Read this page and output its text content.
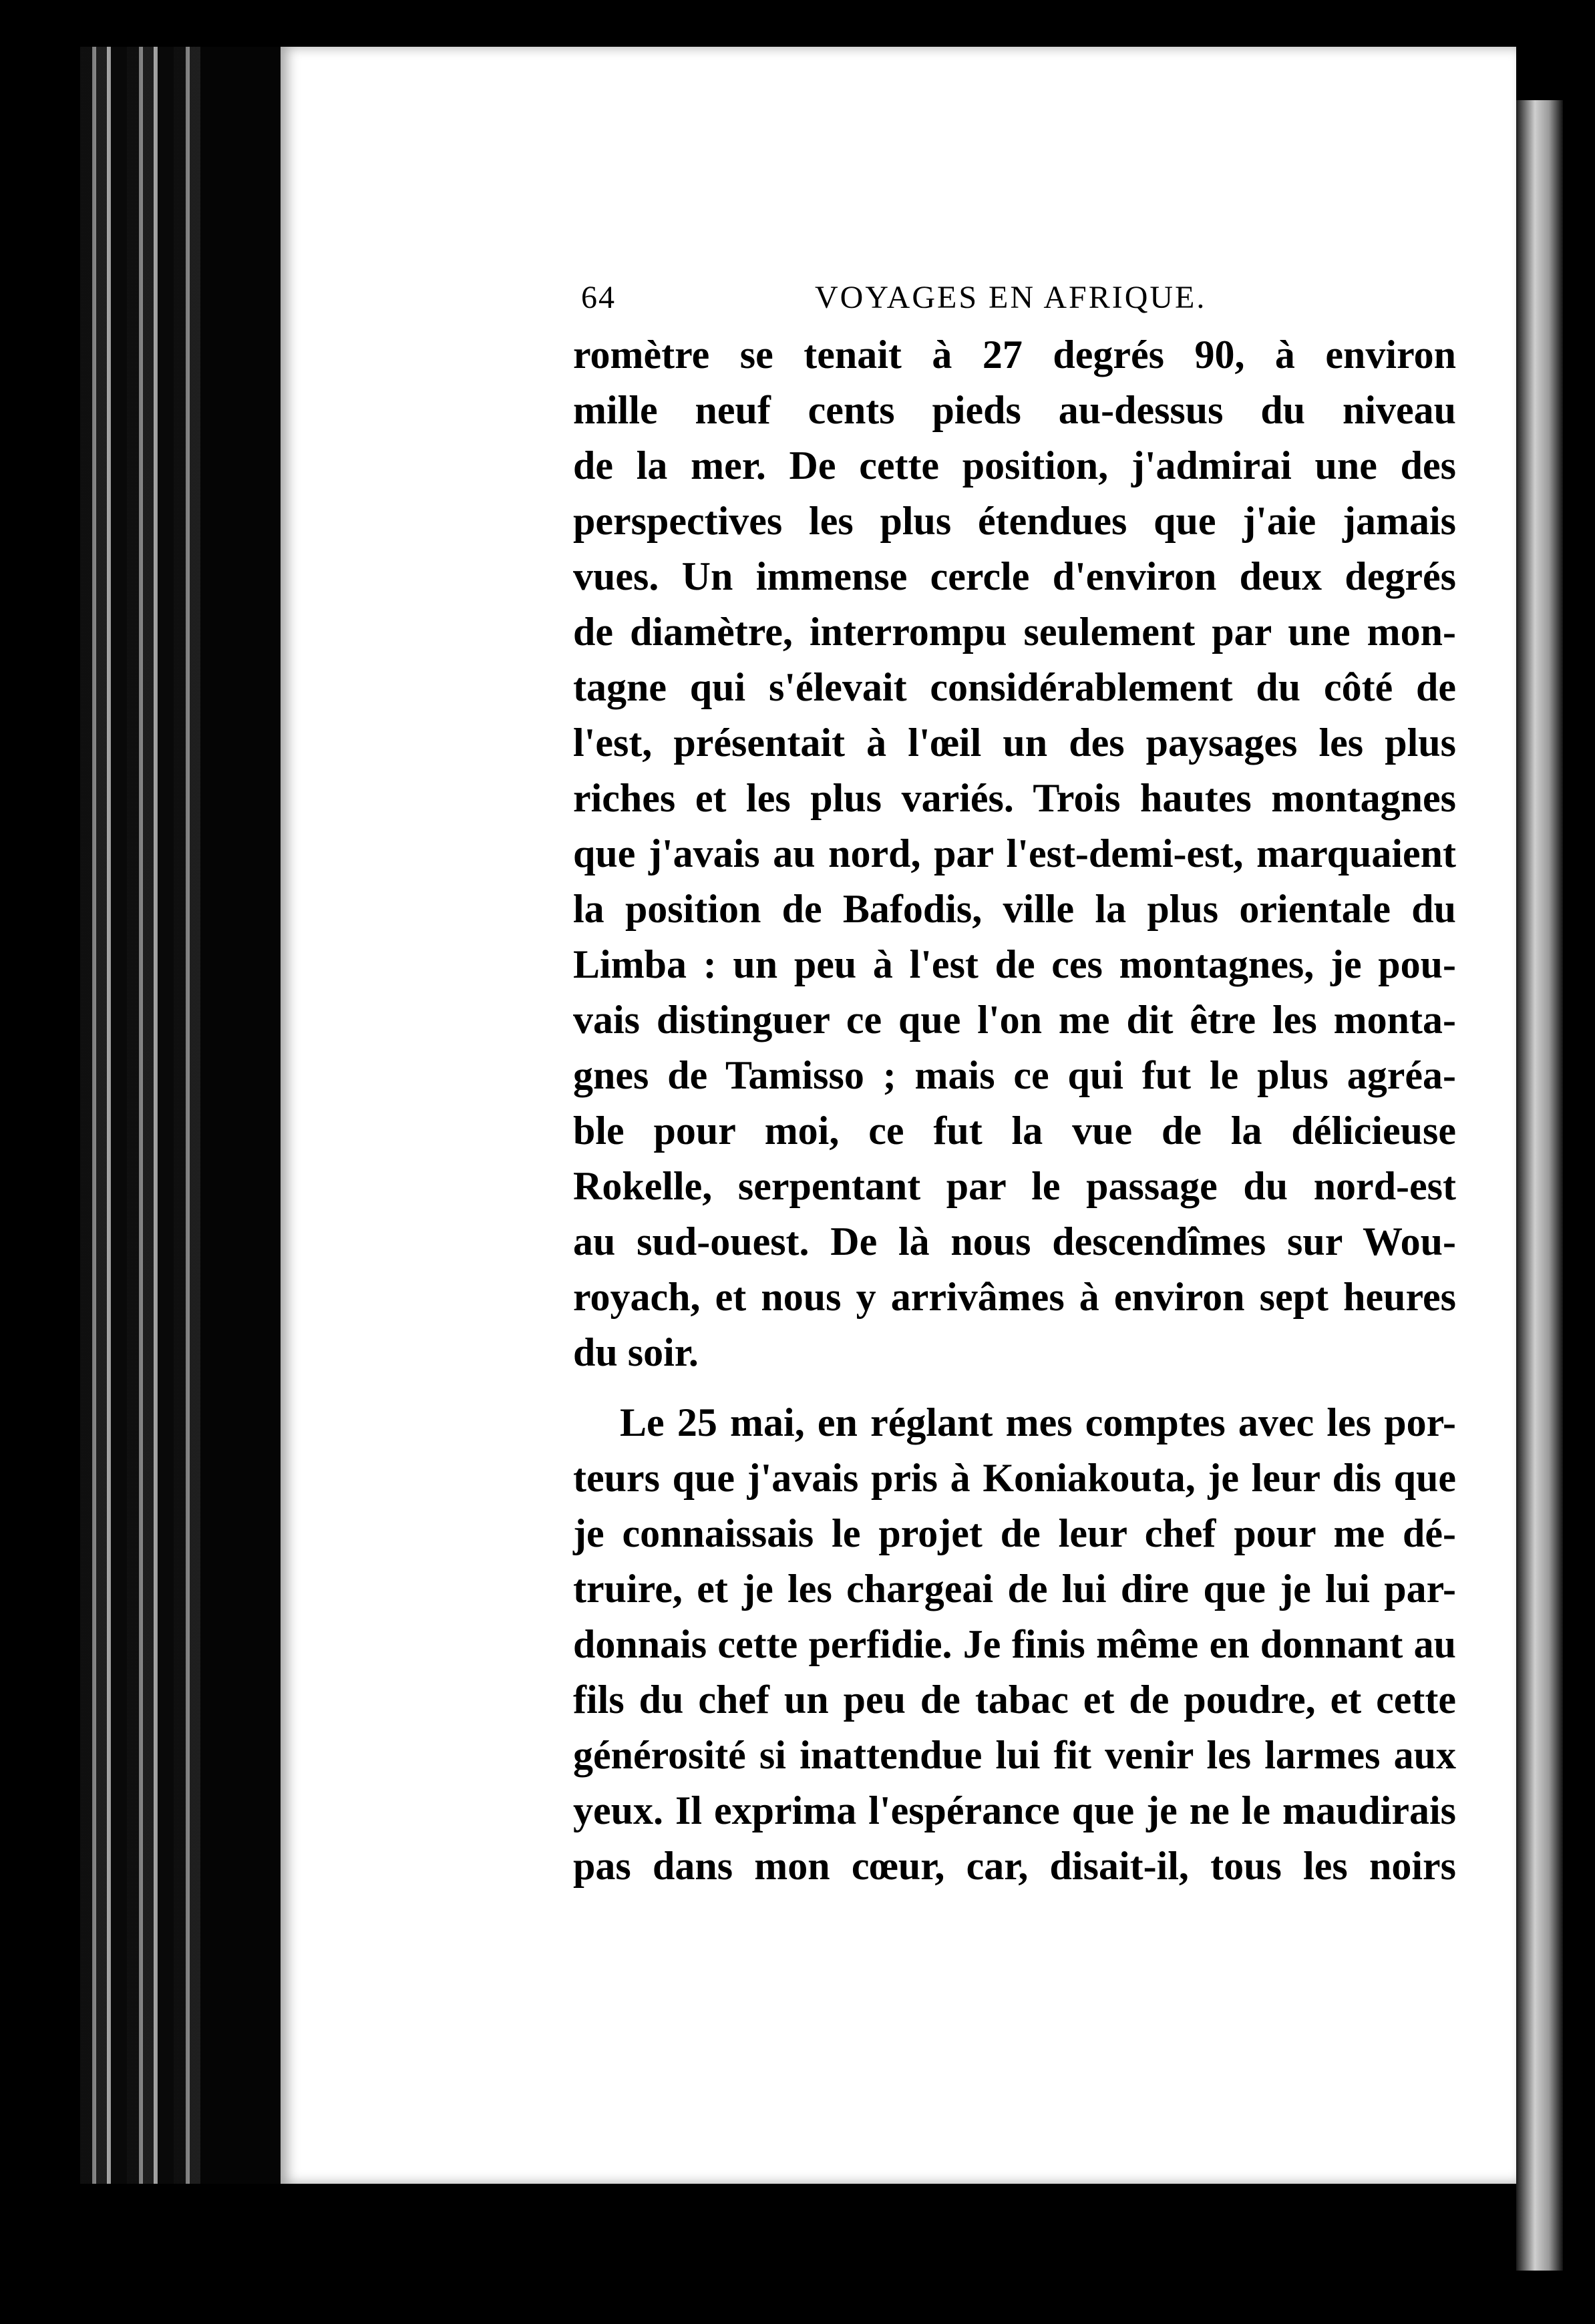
64	VOYAGES EN AFRIQUE.
romètre se tenait à 27 degrés 90, à environ
mille neuf cents pieds au-dessus du niveau
de la mer. De cette position, j'admirai une des
perspectives les plus étendues que j'aie jamais
vues. Un immense cercle d'environ deux degrés
de diamètre, interrompu seulement par une mon-
tagne qui s'élevait considérablement du côté de
l'est, présentait à l'œil un des paysages les plus
riches et les plus variés. Trois hautes montagnes
que j'avais au nord, par l'est-demi-est, marquaient
la position de Bafodis, ville la plus orientale du
Limba : un peu à l'est de ces montagnes, je pou-
vais distinguer ce que l'on me dit être les monta-
gnes de Tamisso ; mais ce qui fut le plus agréa-
ble pour moi, ce fut la vue de la délicieuse
Rokelle, serpentant par le passage du nord-est
au sud-ouest. De là nous descendîmes sur Wou-
royach, et nous y arrivâmes à environ sept heures
du soir.
Le 25 mai, en réglant mes comptes avec les por-
teurs que j'avais pris à Koniakouta, je leur dis que
je connaissais le projet de leur chef pour me dé-
truire, et je les chargeai de lui dire que je lui par-
donnais cette perfidie. Je finis même en donnant au
fils du chef un peu de tabac et de poudre, et cette
générosité si inattendue lui fit venir les larmes aux
yeux. Il exprima l'espérance que je ne le maudirais
pas dans mon cœur, car, disait-il, tous les noirs
